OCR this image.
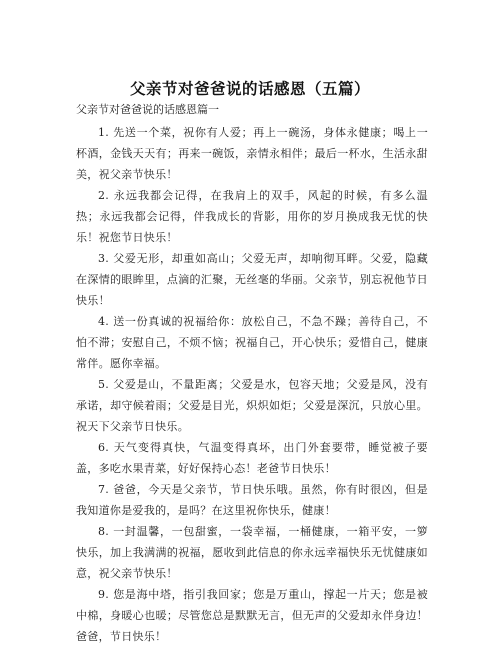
父亲节对爸爸说的话感恩（五篇）
父亲节对爸爸说的话感恩篇一

1. 先送一个菜，祝你有人爱；再上一碗汤，身体永健康；喝上一杯酒，金钱天天有；再来一碗饭，亲情永相伴；最后一杯水，生活永甜美，祝父亲节快乐！

2. 永远我都会记得，在我肩上的双手，风起的时候，有多么温热；永远我都会记得，伴我成长的背影，用你的岁月换成我无忧的快乐！祝您节日快乐！

3. 父爱无形，却重如高山；父爱无声，却响彻耳畔。父爱，隐藏在深情的眼眸里，点滴的汇聚，无丝毫的华丽。父亲节，别忘祝他节日快乐！

4. 送一份真诚的祝福给你：放松自己，不急不躁；善待自己，不怕不滞；安慰自己，不烦不恼；祝福自己，开心快乐；爱惜自己，健康常伴。愿你幸福。

5. 父爱是山，不量距离；父爱是水，包容天地；父爱是风，没有承诺，却守候着雨；父爱是目光，炽炽如炬；父爱是深沉，只放心里。祝天下父亲节日快乐。

6. 天气变得真快，气温变得真坏，出门外套要带，睡觉被子要盖，多吃水果青菜，好好保持心态！老爸节日快乐！

7. 爸爸，今天是父亲节，节日快乐哦。虽然，你有时很凶，但是我知道你是爱我的，是吗？在这里祝你快乐，健康！

8. 一封温馨，一包甜蜜，一袋幸福，一桶健康，一箱平安，一箩快乐，加上我满满的祝福，愿收到此信息的你永远幸福快乐无忧健康如意，祝父亲节快乐！

9. 您是海中塔，指引我回家；您是万重山，撑起一片天；您是被中棉，身暖心也暖；尽管您总是默默无言，但无声的父爱却永伴身边！爸爸，节日快乐！
